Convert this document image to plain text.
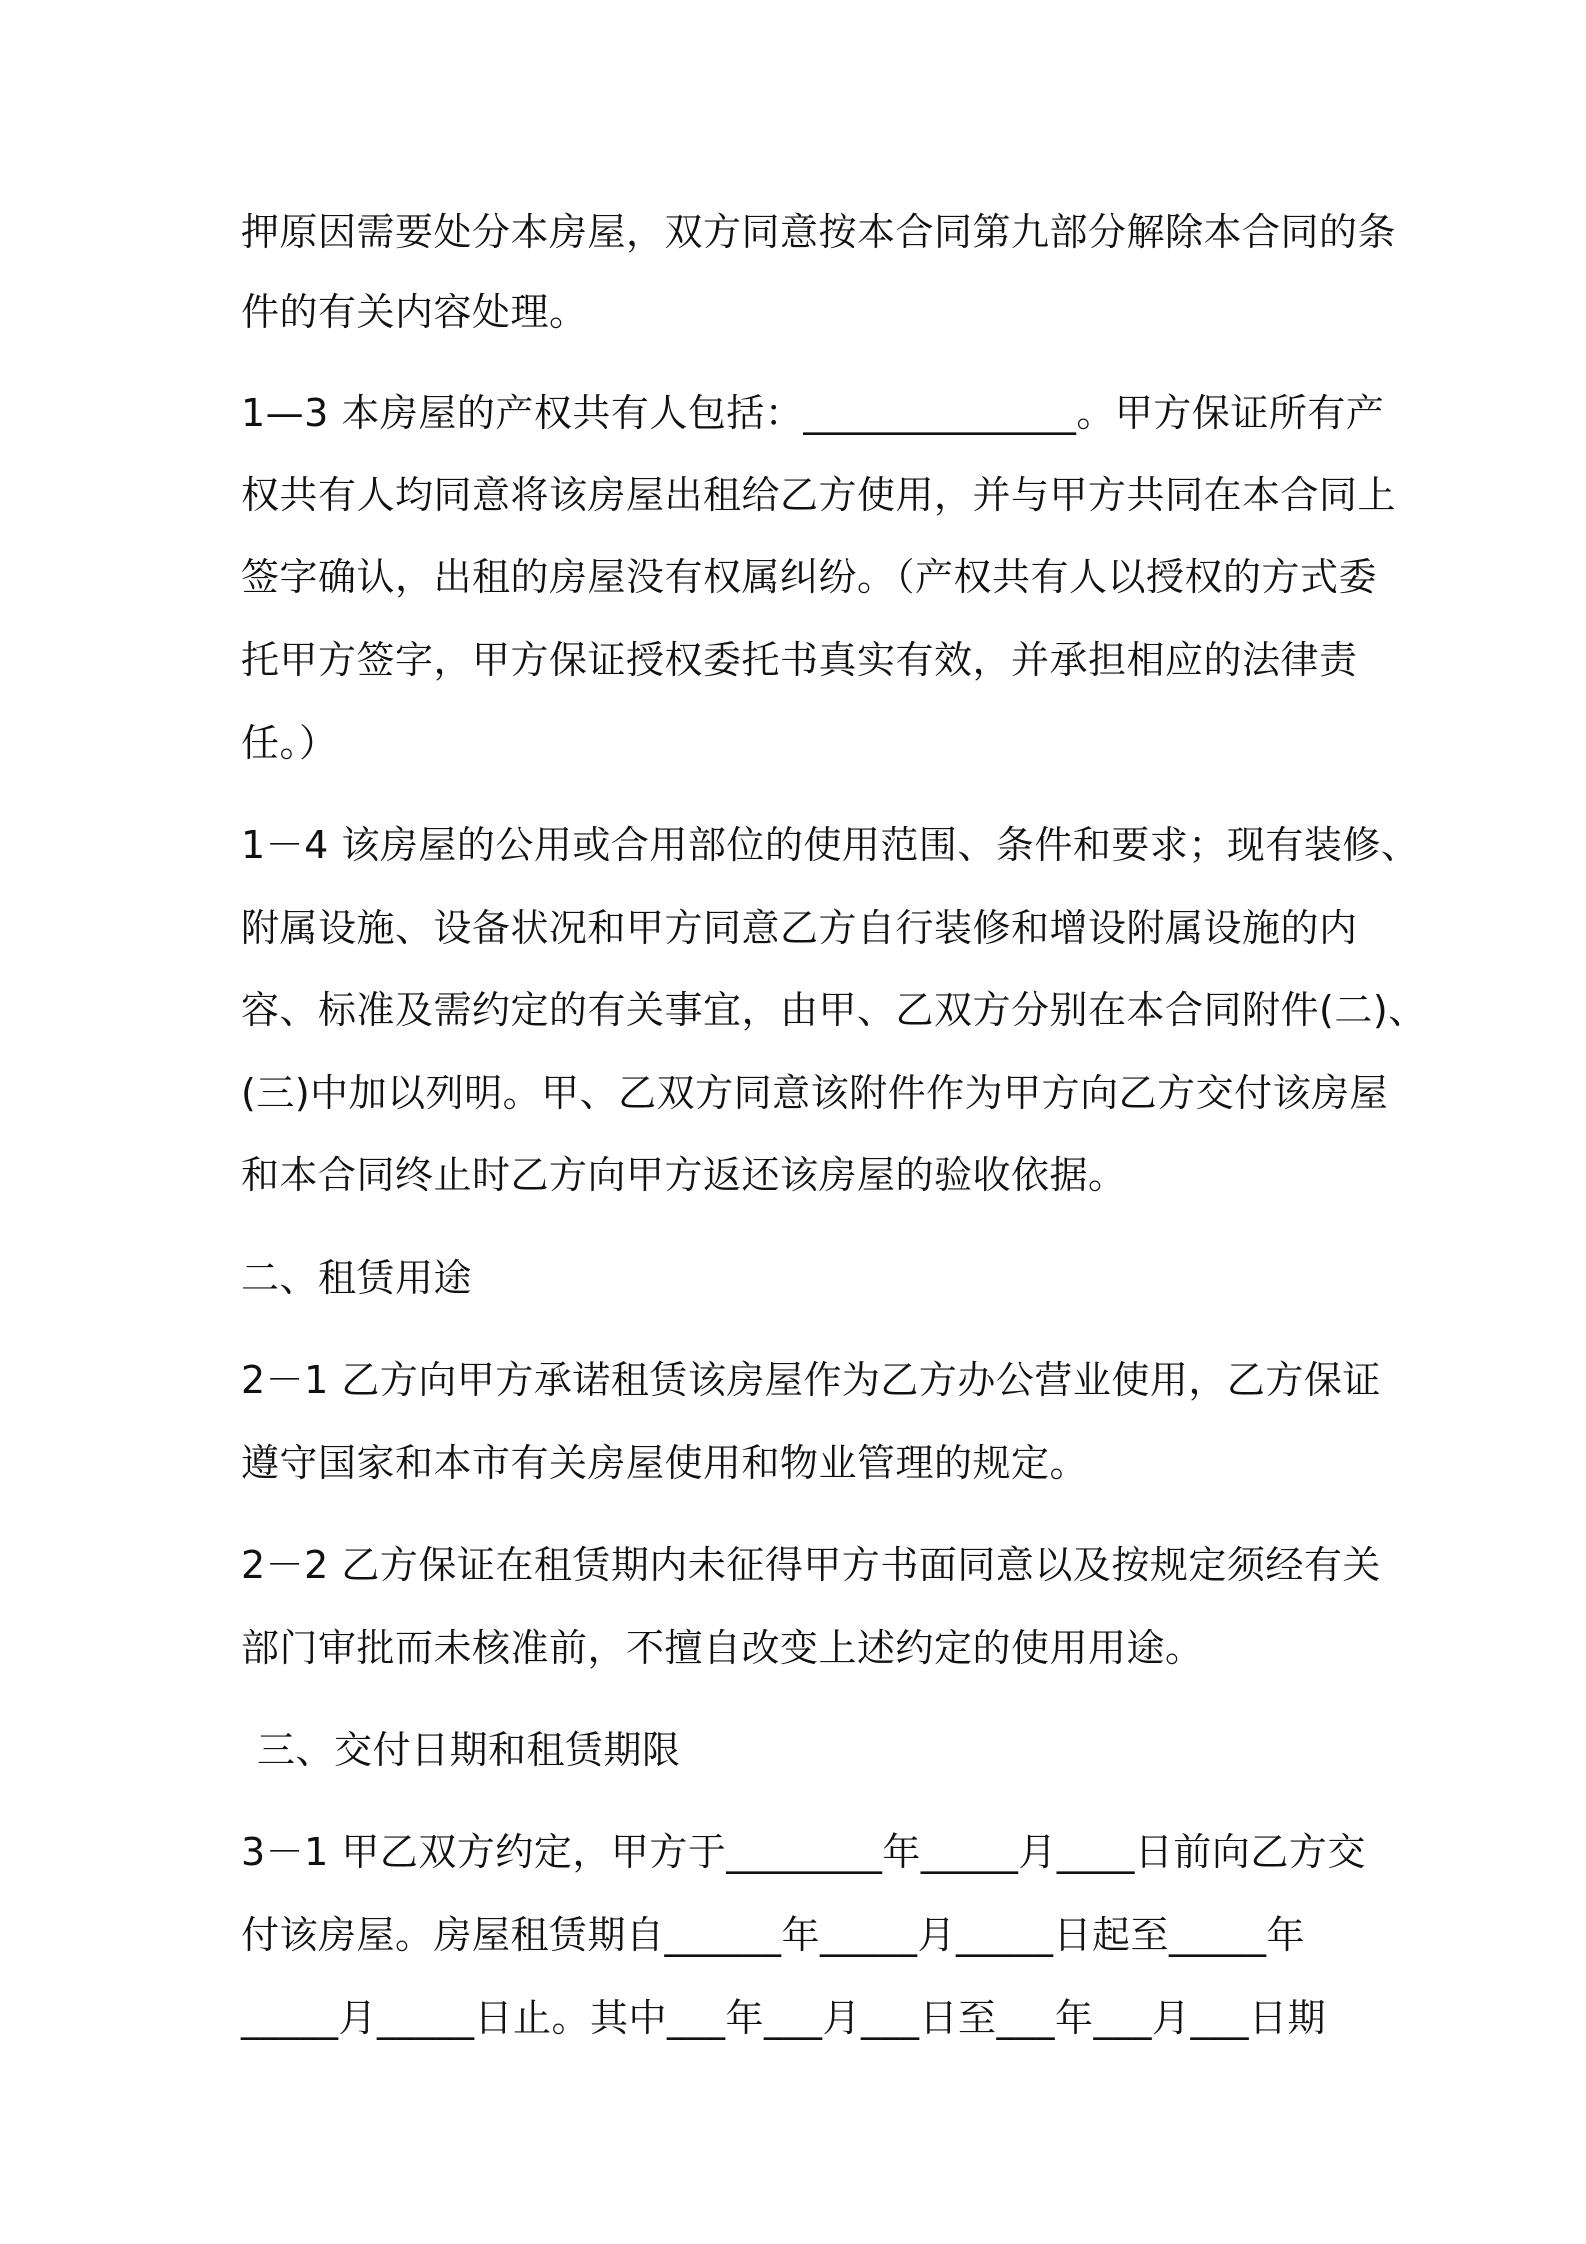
押原因需要处分本房屋，双方同意按本合同第九部分解除本合同的条
件的有关内容处理。
1—3 本房屋的产权共有人包括：______________。甲方保证所有产
权共有人均同意将该房屋出租给乙方使用，并与甲方共同在本合同上
签字确认，出租的房屋没有权属纠纷。（产权共有人以授权的方式委
托甲方签字，甲方保证授权委托书真实有效，并承担相应的法律责
任。）
1－4 该房屋的公用或合用部位的使用范围、条件和要求；现有装修、
附属设施、设备状况和甲方同意乙方自行装修和增设附属设施的内
容、标准及需约定的有关事宜，由甲、乙双方分别在本合同附件(二)、
(三)中加以列明。甲、乙双方同意该附件作为甲方向乙方交付该房屋
和本合同终止时乙方向甲方返还该房屋的验收依据。
二、租赁用途
2－1 乙方向甲方承诺租赁该房屋作为乙方办公营业使用，乙方保证
遵守国家和本市有关房屋使用和物业管理的规定。
2－2 乙方保证在租赁期内未征得甲方书面同意以及按规定须经有关
部门审批而未核准前，不擅自改变上述约定的使用用途。
三、交付日期和租赁期限
3－1 甲乙双方约定，甲方于________年_____月____日前向乙方交
付该房屋。房屋租赁期自______年_____月_____日起至_____年
_____月_____日止。其中___年___月___日至___年___月___日期
